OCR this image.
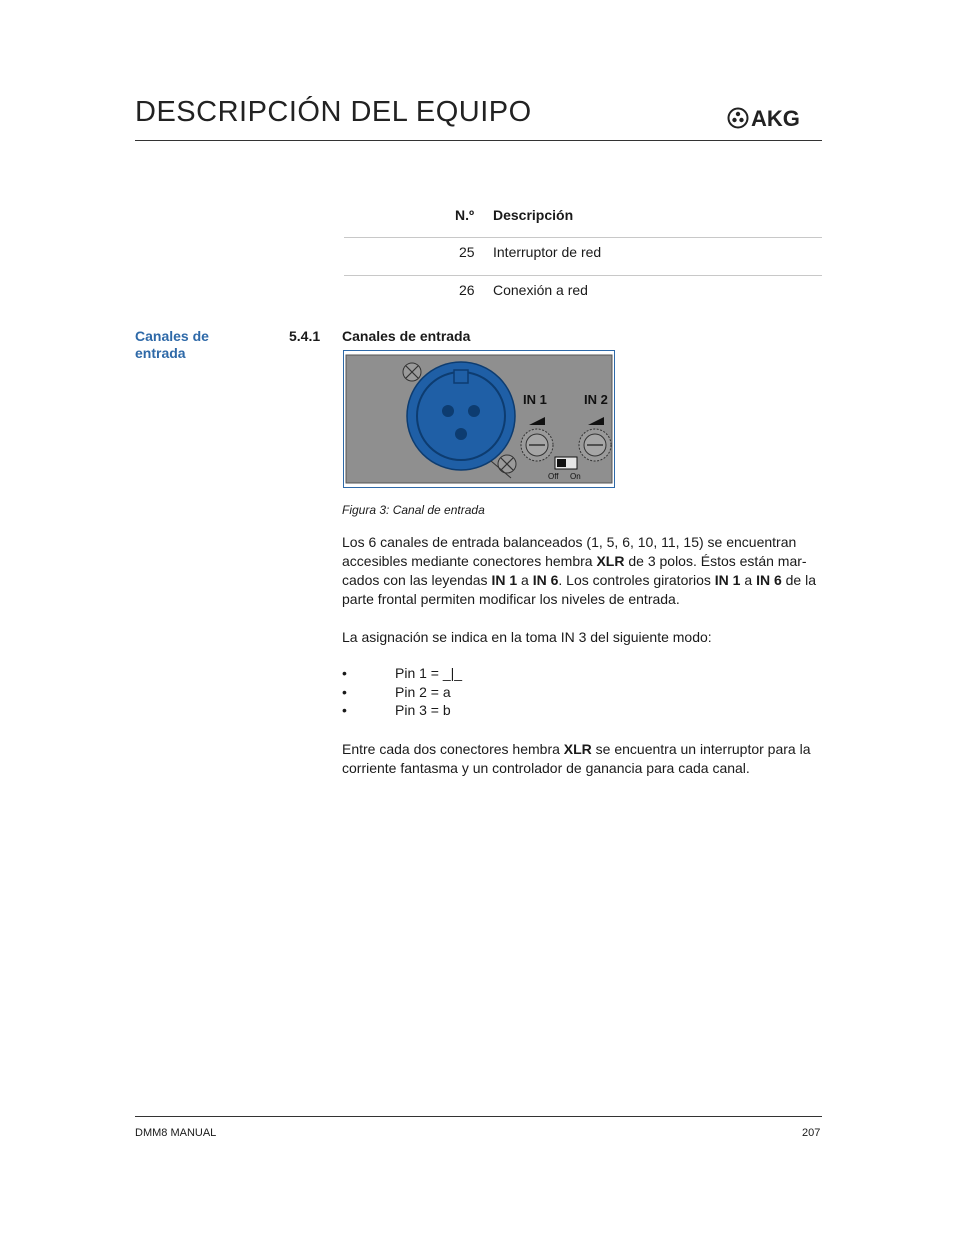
DESCRIPCIÓN DEL EQUIPO	AKG
N.º Descripción
25 Interruptor de red
26 Conexión a red
Canales de entrada
5.4.1 Canales de entrada
IN 1	IN 2
Off On
Figura 3: Canal de entrada
Los 6 canales de entrada balanceados (1, 5, 6, 10, 11, 15) se encuentran accesibles mediante conectores hembra XLR de 3 polos. Éstos están mar-cados con las leyendas IN 1 a IN 6. Los controles giratorios IN 1 a IN 6 de la parte frontal permiten modificar los niveles de entrada.
La asignación se indica en la toma IN 3 del siguiente modo:
•	Pin 1 = _|_
•	Pin 2 = a
•	Pin 3 = b
Entre cada dos conectores hembra XLR se encuentra un interruptor para la corriente fantasma y un controlador de ganancia para cada canal.
DMM8 MANUAL	207
